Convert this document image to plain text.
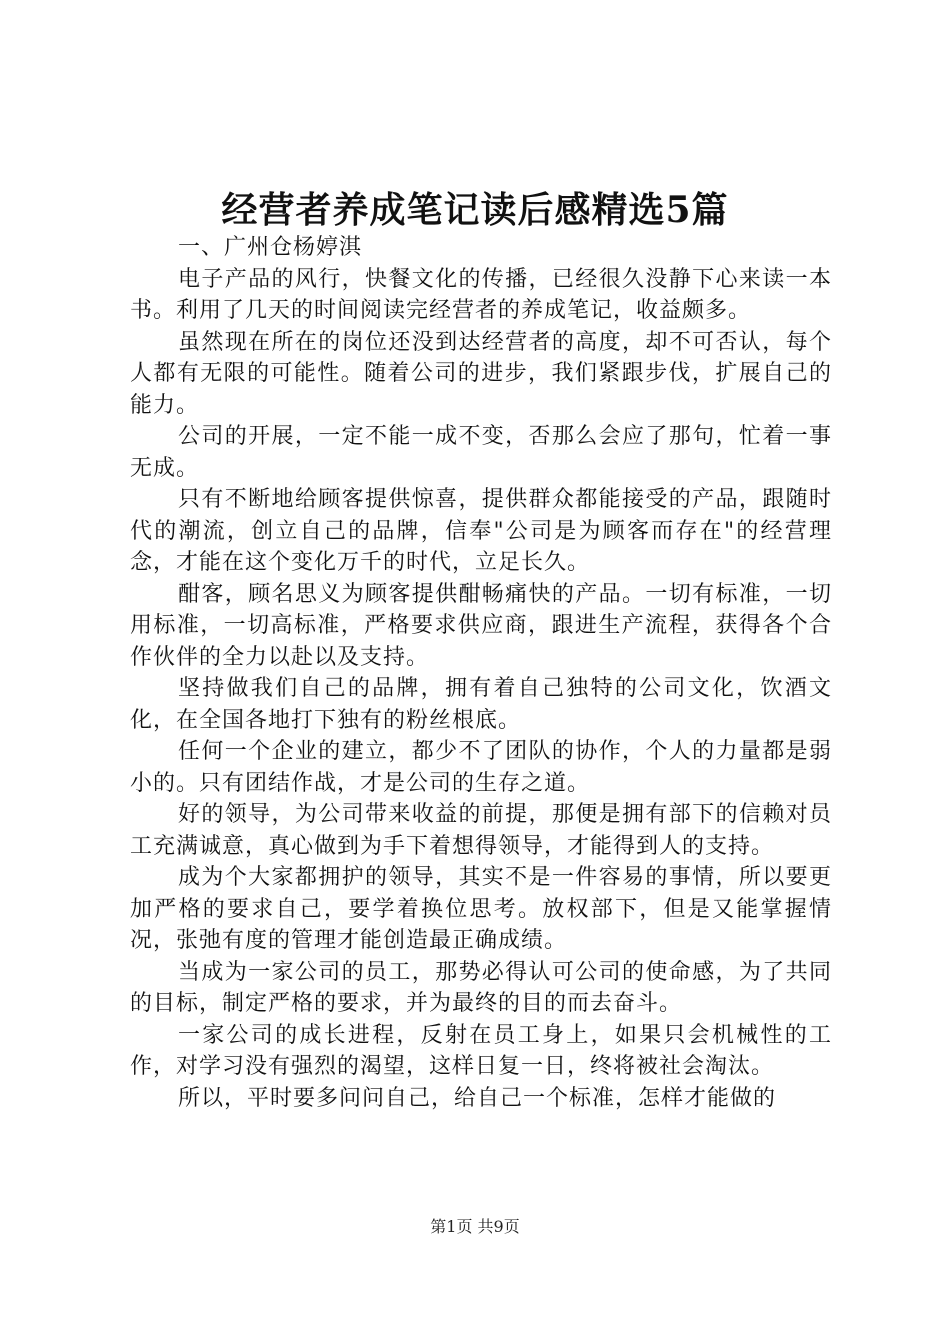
经营者养成笔记读后感精选5篇

一、广州仓杨婷淇

电子产品的风行，快餐文化的传播，已经很久没静下心来读一本书。利用了几天的时间阅读完经营者的养成笔记，收益颇多。

虽然现在所在的岗位还没到达经营者的高度，却不可否认，每个人都有无限的可能性。随着公司的进步，我们紧跟步伐，扩展自己的能力。

公司的开展，一定不能一成不变，否那么会应了那句，忙着一事无成。

只有不断地给顾客提供惊喜，提供群众都能接受的产品，跟随时代的潮流，创立自己的品牌，信奉"公司是为顾客而存在"的经营理念，才能在这个变化万千的时代，立足长久。

酣客，顾名思义为顾客提供酣畅痛快的产品。一切有标准，一切用标准，一切高标准，严格要求供应商，跟进生产流程，获得各个合作伙伴的全力以赴以及支持。

坚持做我们自己的品牌，拥有着自己独特的公司文化，饮酒文化，在全国各地打下独有的粉丝根底。

任何一个企业的建立，都少不了团队的协作，个人的力量都是弱小的。只有团结作战，才是公司的生存之道。

好的领导，为公司带来收益的前提，那便是拥有部下的信赖对员工充满诚意，真心做到为手下着想得领导，才能得到人的支持。

成为个大家都拥护的领导，其实不是一件容易的事情，所以要更加严格的要求自己，要学着换位思考。放权部下，但是又能掌握情况，张弛有度的管理才能创造最正确成绩。

当成为一家公司的员工，那势必得认可公司的使命感，为了共同的目标，制定严格的要求，并为最终的目的而去奋斗。

一家公司的成长进程，反射在员工身上，如果只会机械性的工作，对学习没有强烈的渴望，这样日复一日，终将被社会淘汰。

所以，平时要多问问自己，给自己一个标准，怎样才能做的

第1页 共9页
